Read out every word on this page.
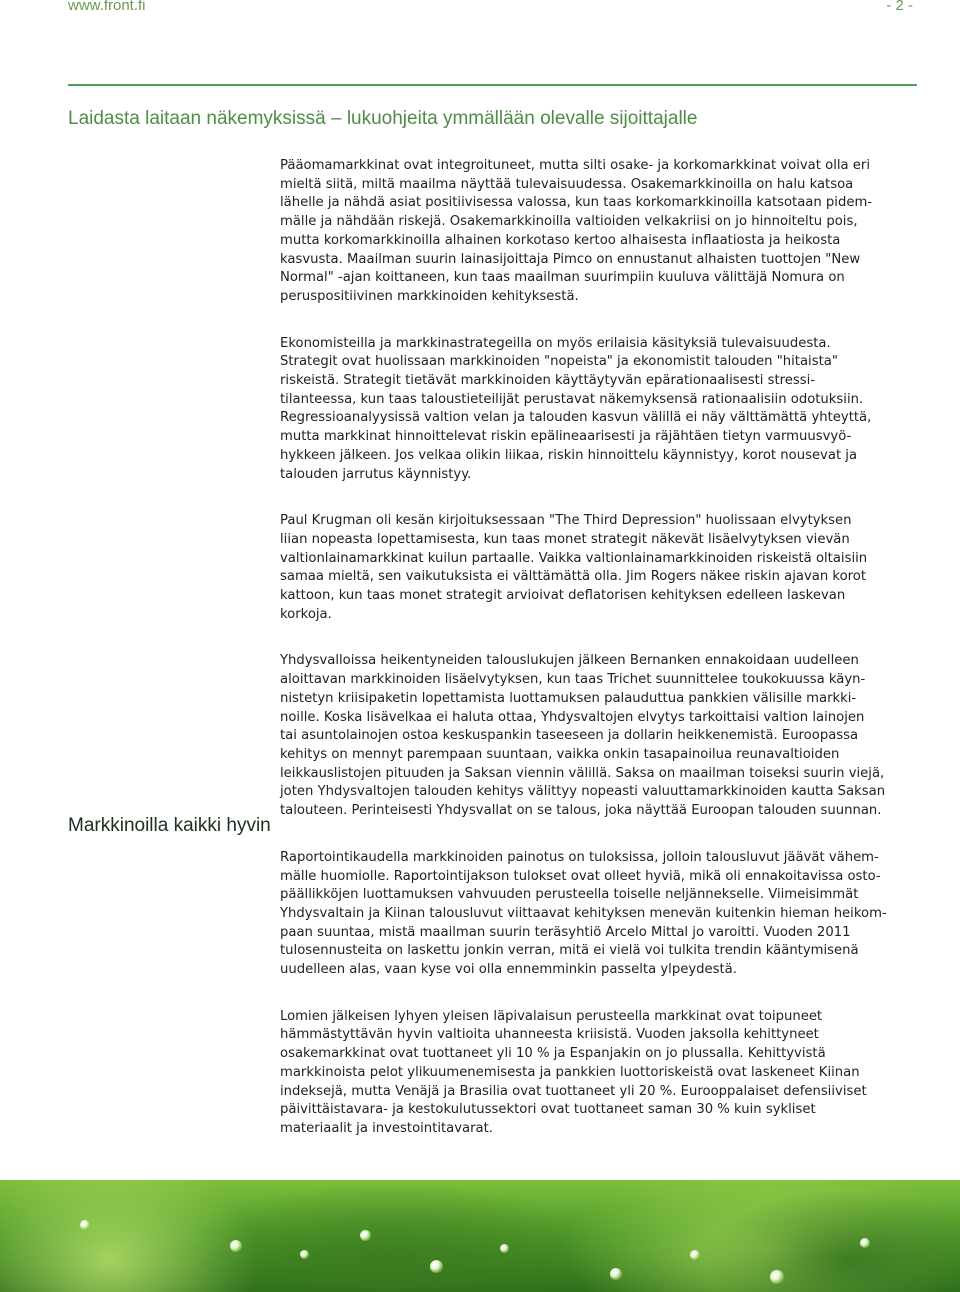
www.front.fi	- 2 -
Laidasta laitaan näkemyksissä – lukuohjeita ymmällään olevalle sijoittajalle
Markkinoilla kaikki hyvin

Pääomamarkkinat ovat integroituneet, mutta silti osake- ja korkomarkkinat voivat olla eri
mieltä siitä, miltä maailma näyttää tulevaisuudessa. Osakemarkkinoilla on halu katsoa
lähelle ja nähdä asiat positiivisessa valossa, kun taas korkomarkkinoilla katsotaan pidem-
mälle ja nähdään riskejä. Osakemarkkinoilla valtioiden velkakriisi on jo hinnoiteltu pois,
mutta korkomarkkinoilla alhainen korkotaso kertoo alhaisesta inflaatiosta ja heikosta
kasvusta. Maailman suurin lainasijoittaja Pimco on ennustanut alhaisten tuottojen "New
Normal" -ajan koittaneen, kun taas maailman suurimpiin kuuluva välittäjä Nomura on
peruspositiivinen markkinoiden kehityksestä.

Ekonomisteilla ja markkinastrategeilla on myös erilaisia käsityksiä tulevaisuudesta.
Strategit ovat huolissaan markkinoiden "nopeista" ja ekonomistit talouden "hitaista"
riskeistä. Strategit tietävät markkinoiden käyttäytyvän epärationaalisesti stressi-
tilanteessa, kun taas taloustieteilijät perustavat näkemyksensä rationaalisiin odotuksiin.
Regressioanalyysissä valtion velan ja talouden kasvun välillä ei näy välttämättä yhteyttä,
mutta markkinat hinnoittelevat riskin epälineaarisesti ja räjähtäen tietyn varmuusvyö-
hykkeen jälkeen. Jos velkaa olikin liikaa, riskin hinnoittelu käynnistyy, korot nousevat ja
talouden jarrutus käynnistyy.

Paul Krugman oli kesän kirjoituksessaan "The Third Depression" huolissaan elvytyksen
liian nopeasta lopettamisesta, kun taas monet strategit näkevät lisäelvytyksen vievän
valtionlainamarkkinat kuilun partaalle. Vaikka valtionlainamarkkinoiden riskeistä oltaisiin
samaa mieltä, sen vaikutuksista ei välttämättä olla. Jim Rogers näkee riskin ajavan korot
kattoon, kun taas monet strategit arvioivat deflatorisen kehityksen edelleen laskevan
korkoja.

Yhdysvalloissa heikentyneiden talouslukujen jälkeen Bernanken ennakoidaan uudelleen
aloittavan markkinoiden lisäelvytyksen, kun taas Trichet suunnittelee toukokuussa käyn-
nistetyn kriisipaketin lopettamista luottamuksen palauduttua pankkien välisille markki-
noille. Koska lisävelkaa ei haluta ottaa, Yhdysvaltojen elvytys tarkoittaisi valtion lainojen
tai asuntolainojen ostoa keskuspankin taseeseen ja dollarin heikkenemistä. Euroopassa
kehitys on mennyt parempaan suuntaan, vaikka onkin tasapainoilua reunavaltioiden
leikkauslistojen pituuden ja Saksan viennin välillä. Saksa on maailman toiseksi suurin viejä,
joten Yhdysvaltojen talouden kehitys välittyy nopeasti valuuttamarkkinoiden kautta Saksan
talouteen. Perinteisesti Yhdysvallat on se talous, joka näyttää Euroopan talouden suunnan.

Raportointikaudella markkinoiden painotus on tuloksissa, jolloin talousluvut jäävät vähem-
mälle huomiolle. Raportointijakson tulokset ovat olleet hyviä, mikä oli ennakoitavissa osto-
päällikköjen luottamuksen vahvuuden perusteella toiselle neljännekselle. Viimeisimmät
Yhdysvaltain ja Kiinan talousluvut viittaavat kehityksen menevän kuitenkin hieman heikom-
paan suuntaa, mistä maailman suurin teräsyhtiö Arcelo Mittal jo varoitti. Vuoden 2011
tulosennusteita on laskettu jonkin verran, mitä ei vielä voi tulkita trendin kääntymisenä
uudelleen alas, vaan kyse voi olla ennemminkin passelta ylpeydestä.

Lomien jälkeisen lyhyen yleisen läpivalaisun perusteella markkinat ovat toipuneet
hämmästyttävän hyvin valtioita uhanneesta kriisistä. Vuoden jaksolla kehittyneet
osakemarkkinat ovat tuottaneet yli 10 % ja Espanjakin on jo plussalla. Kehittyvistä
markkinoista pelot ylikuumenemisesta ja pankkien luottoriskeistä ovat laskeneet Kiinan
indeksejä, mutta Venäjä ja Brasilia ovat tuottaneet yli 20 %. Eurooppalaiset defensiiviset
päivittäistavara- ja kestokulutussektori ovat tuottaneet saman 30 % kuin sykliset
materiaalit ja investointitavarat.
